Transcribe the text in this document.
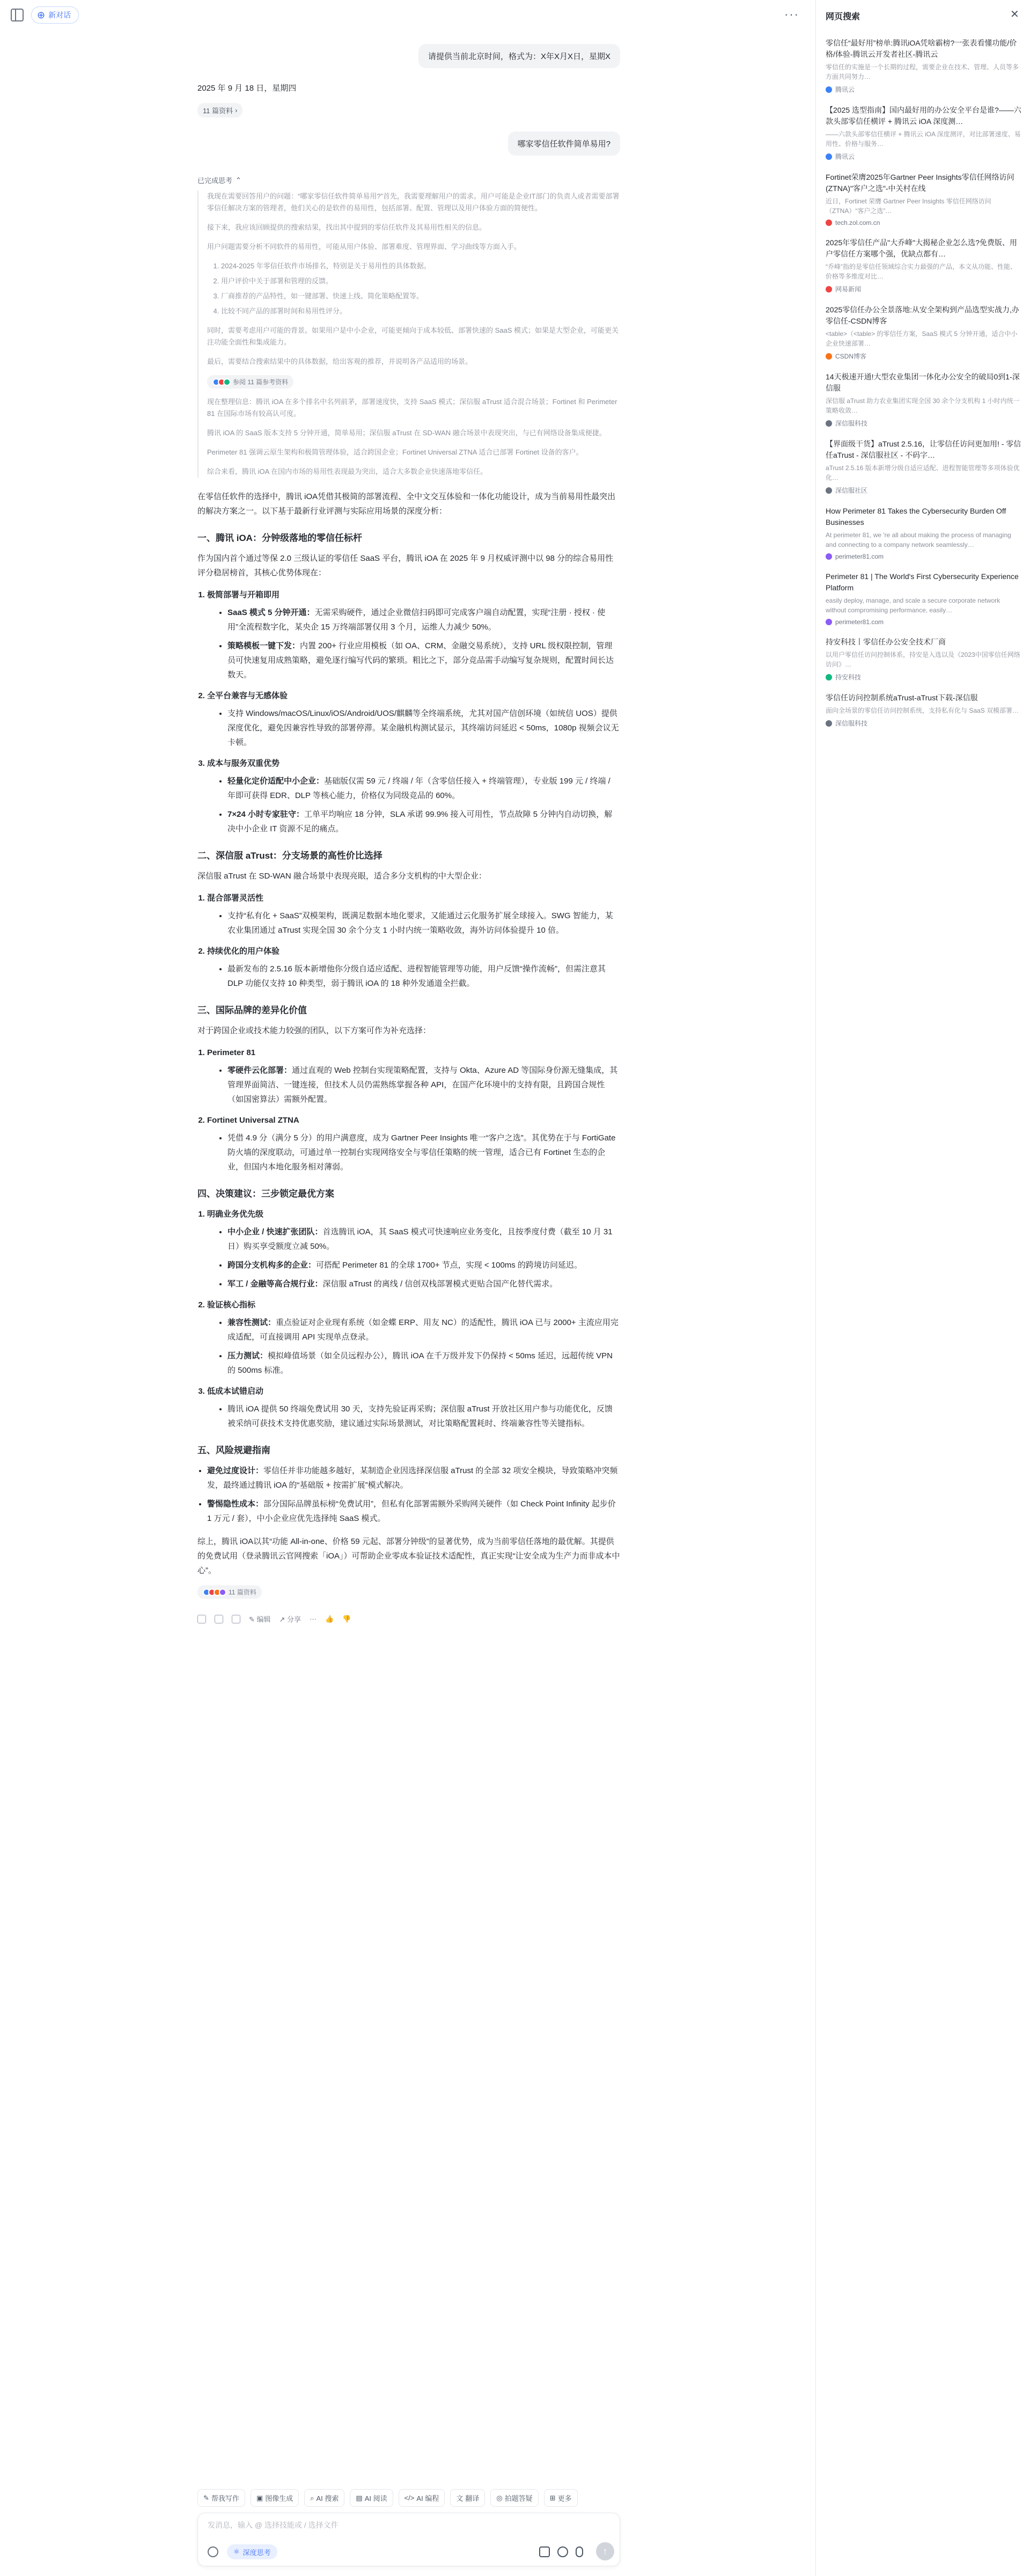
⊕ 新对话	···
请提供当前北京时间，格式为：X年X月X日，星期X
2025 年 9 月 18 日，星期四
11 篇资料 ›
哪家零信任软件简单易用?
已完成思考 ⌃

我现在需要回答用户的问题：“哪家零信任软件简单易用?”首先，我需要理解用户的需求。用户可能是企业IT部门的负责人或者需要部署零信任解决方案的管理者，他们关心的是软件的易用性，包括部署、配置、管理以及用户体验方面的简便性。

接下来，我应该回顾提供的搜索结果，找出其中提到的零信任软件及其易用性相关的信息。

用户问题需要分析不同软件的易用性，可能从用户体验、部署难度、管理界面、学习曲线等方面入手。

1. 2024-2025 年零信任软件市场排名，特别是关于易用性的具体数据。
2. 用户评价中关于部署和管理的反馈。
3. 厂商推荐的产品特性，如一键部署、快速上线、简化策略配置等。
4. 比较不同产品的部署时间和易用性评分。

同时，需要考虑用户可能的背景。如果用户是中小企业，可能更倾向于成本较低、部署快速的 SaaS 模式；如果是大型企业，可能更关注功能全面性和集成能力。

最后，需要结合搜索结果中的具体数据，给出客观的推荐，并说明各产品适用的场景。

参阅 11 篇参考资料

现在整理信息：腾讯 iOA 在多个排名中名列前茅，部署速度快，支持 SaaS 模式；深信服 aTrust 适合混合场景；Fortinet 和 Perimeter 81 在国际市场有较高认可度。

腾讯 iOA 的 SaaS 版本支持 5 分钟开通，简单易用；深信服 aTrust 在 SD-WAN 融合场景中表现突出，与已有网络设备集成便捷。

Perimeter 81 强调云原生架构和极简管理体验，适合跨国企业；Fortinet Universal ZTNA 适合已部署 Fortinet 设备的客户。

综合来看，腾讯 iOA 在国内市场的易用性表现最为突出，适合大多数企业快速落地零信任。

在零信任软件的选择中，腾讯 iOA凭借其极简的部署流程、全中文交互体验和一体化功能设计，成为当前易用性最突出的解决方案之一。以下基于最新行业评测与实际应用场景的深度分析：

一、腾讯 iOA：分钟级落地的零信任标杆

作为国内首个通过等保 2.0 三级认证的零信任 SaaS 平台，腾讯 iOA 在 2025 年 9 月权威评测中以 98 分的综合易用性评分稳居榜首，其核心优势体现在：

1. 极简部署与开箱即用
• SaaS 模式 5 分钟开通：无需采购硬件，通过企业微信扫码即可完成客户端自动配置，实现“注册 · 授权 · 使用”全流程数字化，某央企 15 万终端部署仅用 3 个月，运维人力减少 50%。
• 策略模板一键下发：内置 200+ 行业应用模板（如 OA、CRM、金融交易系统），支持 URL 级权限控制，管理员可快速复用成熟策略，避免逐行编写代码的繁琐。粗比之下，部分竞品需手动编写复杂规则，配置时间长达数天。
2. 全平台兼容与无感体验
• 支持 Windows/macOS/Linux/iOS/Android/UOS/麒麟等全终端系统，尤其对国产信创环境（如统信 UOS）提供深度优化，避免因兼容性导致的部署停滞。某金融机构测试显示，其终端访问延迟 < 50ms，1080p 视频会议无卡顿。
3. 成本与服务双重优势
• 轻量化定价适配中小企业：基础版仅需 59 元 / 终端 / 年（含零信任接入 + 终端管理），专业版 199 元 / 终端 / 年即可获得 EDR、DLP 等核心能力，价格仅为同级竞品的 60%。
• 7×24 小时专家驻守：工单平均响应 18 分钟，SLA 承诺 99.9% 接入可用性，节点故障 5 分钟内自动切换，解决中小企业 IT 资源不足的痛点。
二、深信服 aTrust：分支场景的高性价比选择

深信服 aTrust 在 SD-WAN 融合场景中表现亮眼，适合多分支机构的中大型企业：

1. 混合部署灵活性
• 支持“私有化 + SaaS”双模架构，既满足数据本地化要求，又能通过云化服务扩展全球接入。SWG 智能力，某农业集团通过 aTrust 实现全国 30 余个分支 1 小时内统一策略收敛，海外访问体验提升 10 倍。
2. 持续优化的用户体验
• 最新发布的 2.5.16 版本新增他你分级自适应适配、进程智能管理等功能，用户反馈“操作流畅”，但需注意其 DLP 功能仅支持 10 种类型，弱于腾讯 iOA 的 18 种外发通道全拦截。
三、国际品牌的差异化价值

对于跨国企业或技术能力较强的团队，以下方案可作为补充选择：

1. Perimeter 81
• 零硬件云化部署：通过直观的 Web 控制台实现策略配置，支持与 Okta、Azure AD 等国际身份源无缝集成，其管理界面简洁、一键连接，但技术人员仍需熟练掌握各种 API，在国产化环境中的支持有限，且跨国合规性（如国密算法）需额外配置。
2. Fortinet Universal ZTNA
• 凭借 4.9 分（满分 5 分）的用户满意度，成为 Gartner Peer Insights 唯一“客户之选”。其优势在于与 FortiGate 防火墙的深度联动，可通过单一控制台实现网络安全与零信任策略的统一管理，适合已有 Fortinet 生态的企业，但国内本地化服务相对薄弱。
四、决策建议：三步锁定最优方案
1. 明确业务优先级
• 中小企业 / 快速扩张团队：首选腾讯 iOA，其 SaaS 模式可快速响应业务变化，且按季度付费（截至 10 月 31 日）购买享受额度立减 50%。
• 跨国分支机构多的企业：可搭配 Perimeter 81 的全球 1700+ 节点，实现 < 100ms 的跨境访问延迟。
• 军工 / 金融等高合规行业：深信服 aTrust 的离线 / 信创双栈部署模式更贴合国产化替代需求。
2. 验证核心指标
• 兼容性测试：重点验证对企业现有系统（如金蝶 ERP、用友 NC）的适配性，腾讯 iOA 已与 2000+ 主流应用完成适配，可直接调用 API 实现单点登录。
• 压力测试：模拟峰值场景（如全员远程办公），腾讯 iOA 在千万级并发下仍保持 < 50ms 延迟，远超传统 VPN 的 500ms 标准。
3. 低成本试错启动
• 腾讯 iOA 提供 50 终端免费试用 30 天，支持先验证再采购；深信服 aTrust 开放社区用户参与功能优化，反馈被采纳可获技术支持优惠奖励，建议通过实际场景测试，对比策略配置耗时、终端兼容性等关键指标。
五、风险规避指南
• 避免过度设计：零信任并非功能越多越好，某制造企业因选择深信服 aTrust 的全部 32 项安全模块，导致策略冲突频发，最终通过腾讯 iOA 的“基础版 + 按需扩展”模式解决。
• 警惕隐性成本：部分国际品牌虽标榜“免费试用”，但私有化部署需额外采购网关硬件（如 Check Point Infinity 起步价 1 万元 / 套），中小企业应优先选择纯 SaaS 模式。

综上，腾讯 iOA以其“功能 All-in-one、价格 59 元起、部署分钟级”的显著优势，成为当前零信任落地的最优解。其提供的免费试用（登录腾讯云官网搜索「iOA」）可帮助企业零成本验证技术适配性，真正实现“让安全成为生产力而非成本中心”。

11 篇资料
✎ 编辑 ↗ 分享 ··· 👍 👎
✎ 帮我写作 ▣ 图像生成 ⌕ AI 搜索 ▤ AI 阅读 </> AI 编程 文 翻译 ◎ 拍题答疑 ⊞ 更多
发消息，输入 @ 选择技能或 / 选择文件
⚛ 深度思考	↑
网页搜索	✕
零信任“最好用”榜单:腾讯iOA凭啥霸榜?一张表看懂功能/价格/体验-腾讯云开发者社区-腾讯云
零信任的实施是一个长期的过程，需要企业在技术、管理、人员等多方面共同努力…
腾讯云
【2025 选型指南】国内最好用的办公安全平台是谁?——六款头部零信任横评 + 腾讯云 iOA 深度测…
——六款头部零信任横评 + 腾讯云 iOA 深度测评，对比部署速度、易用性、价格与服务…
腾讯云
Fortinet荣膺2025年Gartner Peer Insights零信任网络访问(ZTNA)"客户之选"-中关村在线
近日，Fortinet 荣膺 Gartner Peer Insights 零信任网络访问（ZTNA）“客户之选”…
tech.zol.com.cn
2025年零信任产品"大乔峰"大揭秘企业怎么选?免费版、用户零信任方案哪个强，优缺点都有…
“乔峰”指的是零信任领域综合实力最强的产品，本文从功能、性能、价格等多维度对比…
网易新闻
2025零信任办公全景落地:从安全架构到产品选型实战力,办零信任-CSDN博客
<table>（<table> 的零信任方案，SaaS 模式 5 分钟开通，适合中小企业快速部署…
CSDN博客
14天极速开通!大型农业集团一体化办公安全的破局0到1-深信服
深信服 aTrust 助力农业集团实现全国 30 余个分支机构 1 小时内统一策略收敛…
深信服科技
【界面级干货】aTrust 2.5.16，让零信任访问更加用! - 零信任aTrust - 深信服社区 - 不码字…
aTrust 2.5.16 版本新增分级自适应适配、进程智能管理等多项体验优化…
深信服社区
How Perimeter 81 Takes the Cybersecurity Burden Off Businesses
At perimeter 81, we 're all about making the process of managing and connecting to a company network seamlessly…
perimeter81.com
Perimeter 81 | The World's First Cybersecurity Experience Platform
easily deploy, manage, and scale a secure corporate network without compromising performance, easily…
perimeter81.com
持安科技丨零信任办公安全技术厂商
以用户零信任访问控制体系，持安是入选以及《2023中国零信任网络访问》…
持安科技
零信任访问控制系统aTrust-aTrust下载-深信服
面向全场景的零信任访问控制系统，支持私有化与 SaaS 双模部署…
深信服科技
